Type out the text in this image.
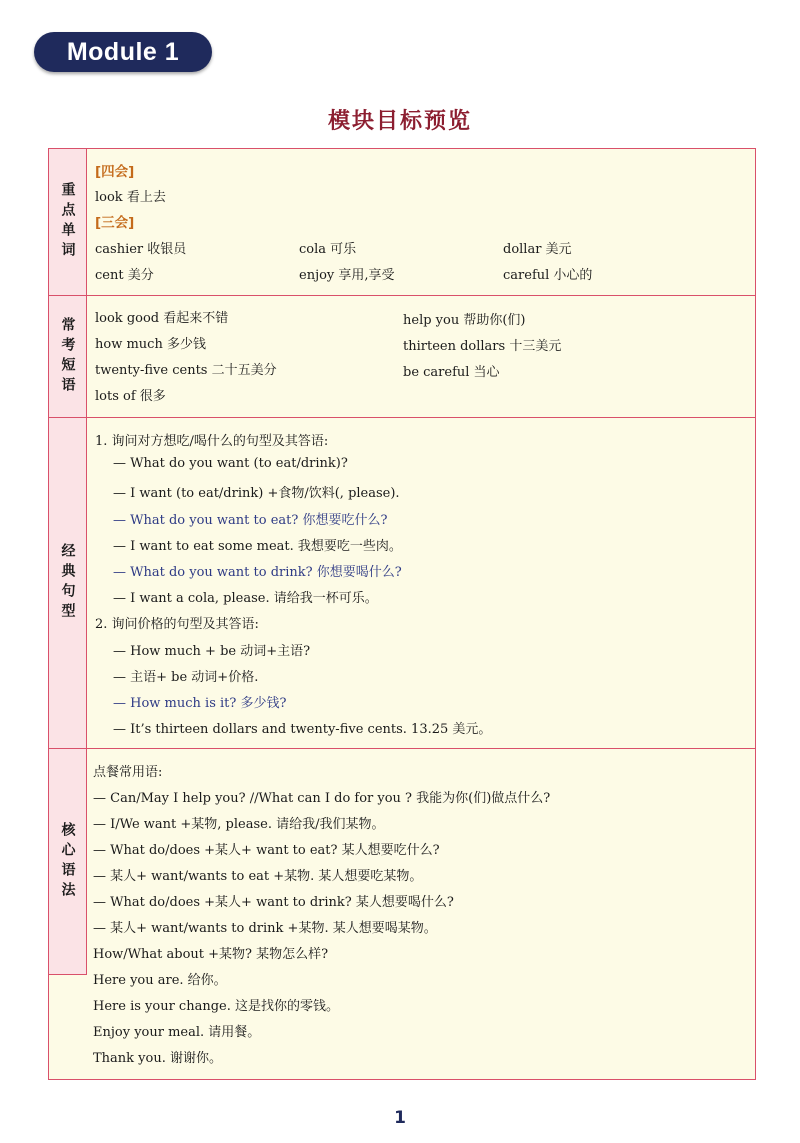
Module 1
模块目标预览
重点单词
[四会]
look 看上去
[三会]
cashier 收银员	cola 可乐	dollar 美元
cent 美分	enjoy 享用,享受	careful 小心的
常考短语 look good 看起来不错	help you 帮助你(们)
how much 多少钱	thirteen dollars 十三美元
twenty-five cents 二十五美分	be careful 当心
lots of 很多
经典句型
1. 询问对方想吃/喝什么的句型及其答语:
— What do you want (to eat/drink)?
— I want (to eat/drink) +食物/饮料(, please).
— What do you want to eat? 你想要吃什么?
— I want to eat some meat. 我想要吃一些肉。
— What do you want to drink? 你想要喝什么?
— I want a cola, please. 请给我一杯可乐。
2. 询问价格的句型及其答语:
— How much + be 动词+主语?
— 主语+ be 动词+价格.
— How much is it? 多少钱?
— It’s thirteen dollars and twenty-five cents. 13.25 美元。
核心语法
点餐常用语:
— Can/May I help you? //What can I do for you ? 我能为你(们)做点什么?
— I/We want +某物, please. 请给我/我们某物。
— What do/does +某人+ want to eat? 某人想要吃什么?
— 某人+ want/wants to eat +某物. 某人想要吃某物。
— What do/does +某人+ want to drink? 某人想要喝什么?
— 某人+ want/wants to drink +某物. 某人想要喝某物。
How/What about +某物? 某物怎么样?
Here you are. 给你。
Here is your change. 这是找你的零钱。
Enjoy your meal. 请用餐。
Thank you. 谢谢你。
1
